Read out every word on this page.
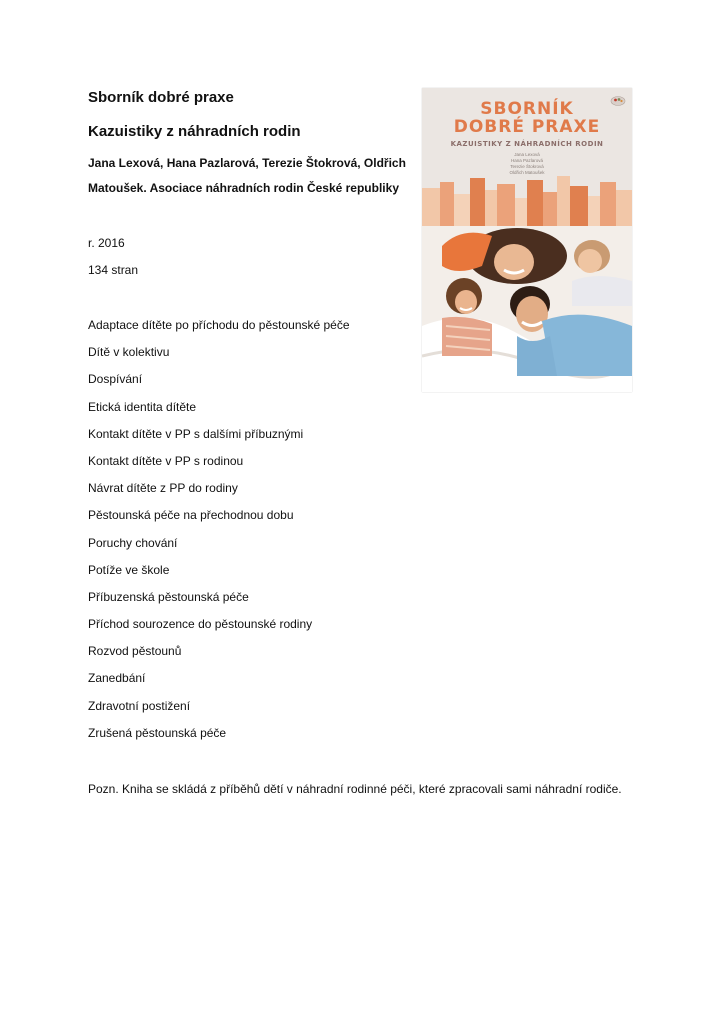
Sborník dobré praxe
Kazuistiky z náhradních rodin
Jana Lexová, Hana Pazlarová, Terezie Štokrová, Oldřich
Matoušek. Asociace náhradních rodin České republiky
r. 2016
134 stran
Adaptace dítěte po příchodu do pěstounské péče
Dítě v kolektivu
Dospívání
Etická identita dítěte
Kontakt dítěte v PP s dalšími příbuznými
Kontakt dítěte v PP s rodinou
Návrat dítěte z PP do rodiny
Pěstounská péče na přechodnou dobu
Poruchy chování
Potíže ve škole
Příbuzenská pěstounská péče
Příchod sourozence do pěstounské rodiny
Rozvod pěstounů
Zanedbání
Zdravotní postižení
Zrušená pěstounská péče
Pozn. Kniha se skládá z příběhů dětí v náhradní rodinné péči, které zpracovali sami náhradní rodiče.
SBORNÍK
DOBRÉ PRAXE
KAZUISTIKY Z NÁHRADNÍCH RODIN
Jana Lexová
Hana Pazlarová
Terezie Štokrová
Oldřich Matoušek
